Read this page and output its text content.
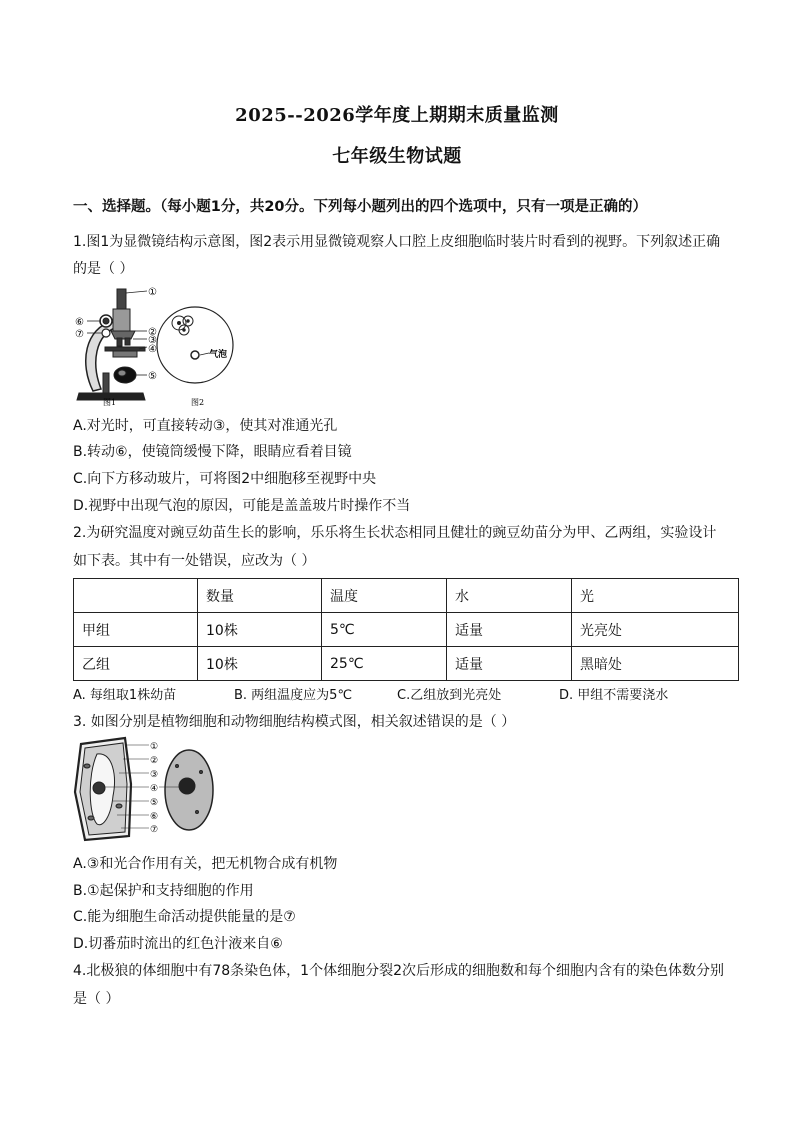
2025--2026学年度上期期末质量监测
七年级生物试题
一、选择题。（每小题1分，共20分。下列每小题列出的四个选项中，只有一项是正确的）
1.图1为显微镜结构示意图，图2表示用显微镜观察人口腔上皮细胞临时装片时看到的视野。下列叙述正确
的是（ ）
①
②
③
④
⑤
⑥
⑦
图1
气泡
图2
A.对光时，可直接转动③，使其对准通光孔
B.转动⑥，使镜筒缓慢下降，眼睛应看着目镜
C.向下方移动玻片，可将图2中细胞移至视野中央
D.视野中出现气泡的原因，可能是盖盖玻片时操作不当
2.为研究温度对豌豆幼苗生长的影响，乐乐将生长状态相同且健壮的豌豆幼苗分为甲、乙两组，实验设计
如下表。其中有一处错误，应改为（ ）
	数量	温度	水	光
甲组	10株	5℃	适量	光亮处
乙组	10株	25℃	适量	黑暗处
A. 每组取1株幼苗	B. 两组温度应为5℃	C.乙组放到光亮处	D. 甲组不需要浇水
3. 如图分别是植物细胞和动物细胞结构模式图，相关叙述错误的是（ ）
①
②
③
④
⑤
⑥
⑦
A.③和光合作用有关，把无机物合成有机物
B.①起保护和支持细胞的作用
C.能为细胞生命活动提供能量的是⑦
D.切番茄时流出的红色汁液来自⑥
4.北极狼的体细胞中有78条染色体，1个体细胞分裂2次后形成的细胞数和每个细胞内含有的染色体数分别
是（ ）
